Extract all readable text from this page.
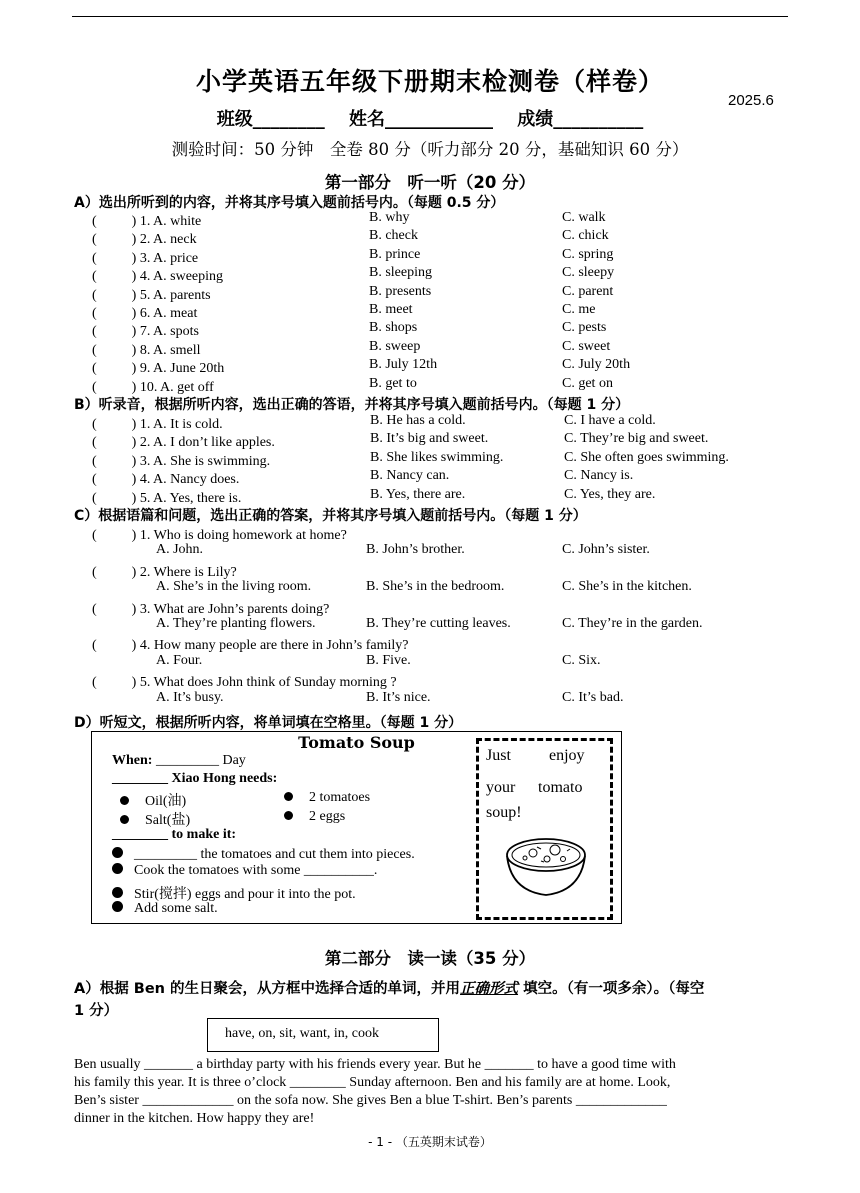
小学英语五年级下册期末检测卷（样卷）
2025.6
班级________ 姓名____________ 成绩__________
测验时间：50 分钟　全卷 80 分（听力部分 20 分，基础知识 60 分）
第一部分　听一听（20 分）
A）选出所听到的内容，并将其序号填入题前括号内。（每题 0.5 分）
( 　　 ) 1. A. white	B. why	C. walk
( 　　 ) 2. A. neck	B. check	C. chick
( 　　 ) 3. A. price	B. prince	C. spring
( 　　 ) 4. A. sweeping	B. sleeping	C. sleepy
( 　　 ) 5. A. parents	B. presents	C. parent
( 　　 ) 6. A. meat	B. meet	C. me
( 　　 ) 7. A. spots	B. shops	C. pests
( 　　 ) 8. A. smell	B. sweep	C. sweet
( 　　 ) 9. A. June 20th	B. July 12th	C. July 20th
( 　　 ) 10. A. get off	B. get to	C. get on
B）听录音，根据所听内容，选出正确的答语，并将其序号填入题前括号内。（每题 1 分）
( 　　 ) 1. A. It is cold.	B. He has a cold.	C. I have a cold.
( 　　 ) 2. A. I don’t like apples.	B. It’s big and sweet.	C. They’re big and sweet.
( 　　 ) 3. A. She is swimming.	B. She likes swimming.	C. She often goes swimming.
( 　　 ) 4. A. Nancy does.	B. Nancy can.	C. Nancy is.
( 　　 ) 5. A. Yes, there is.	B. Yes, there are.	C. Yes, they are.
C）根据语篇和问题，选出正确的答案，并将其序号填入题前括号内。（每题 1 分）
( 　　 ) 1. Who is doing homework at home?
A. John.	B. John’s brother.	C. John’s sister.
( 　　 ) 2. Where is Lily?
A. She’s in the living room.	B. She’s in the bedroom.	C. She’s in the kitchen.
( 　　 ) 3. What are John’s parents doing?
A. They’re planting flowers.	B. They’re cutting leaves.	C. They’re in the garden.
( 　　 ) 4. How many people are there in John’s family?
A. Four.	B. Five.	C. Six.
( 　　 ) 5. What does John think of Sunday morning ?
A. It’s busy.	B. It’s nice.	C. It’s bad.
D）听短文，根据所听内容，将单词填在空格里。（每题 1 分）
Tomato Soup
When: _________ Day
________ Xiao Hong needs:
Oil(油)	2 tomatoes
Salt(盐)	2 eggs
________ to make it:
_________ the tomatoes and cut them into pieces.
Cook the tomatoes with some __________.
Stir(搅拌) eggs and pour it into the pot.
Add some salt.
Just enjoy
your tomato
soup!
第二部分　读一读（35 分）
A）根据 Ben 的生日聚会，从方框中选择合适的单词，并用正确形式 填空。（有一项多余）。（每空
1 分）
have, on, sit, want, in, cook
Ben usually _______ a birthday party with his friends every year. But he _______ to have a good time with
his family this year. It is three o’clock ________ Sunday afternoon. Ben and his family are at home. Look,
Ben’s sister _____________ on the sofa now. She gives Ben a blue T-shirt. Ben’s parents _____________
dinner in the kitchen. How happy they are!
- 1 - （五英期末试卷）
